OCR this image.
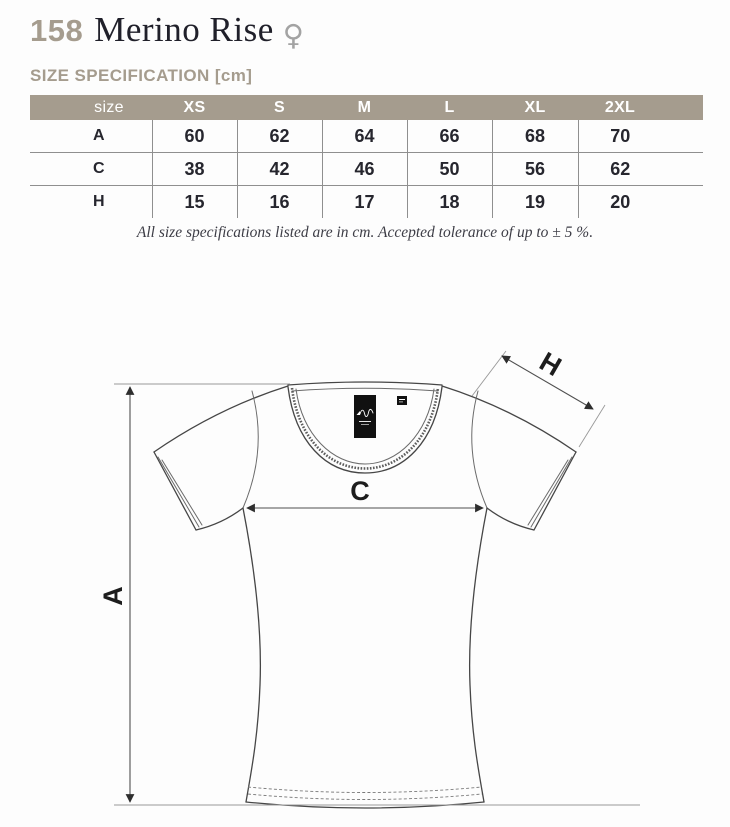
158 Merino Rise ♀
SIZE SPECIFICATION [cm]
size	XS	S	M	L	XL	2XL	
A	60	62	64	66	68	70	
C	38	42	46	50	56	62	
H	15	16	17	18	19	20	
All size specifications listed are in cm. Accepted tolerance of up to ± 5 %.
A
C
H
